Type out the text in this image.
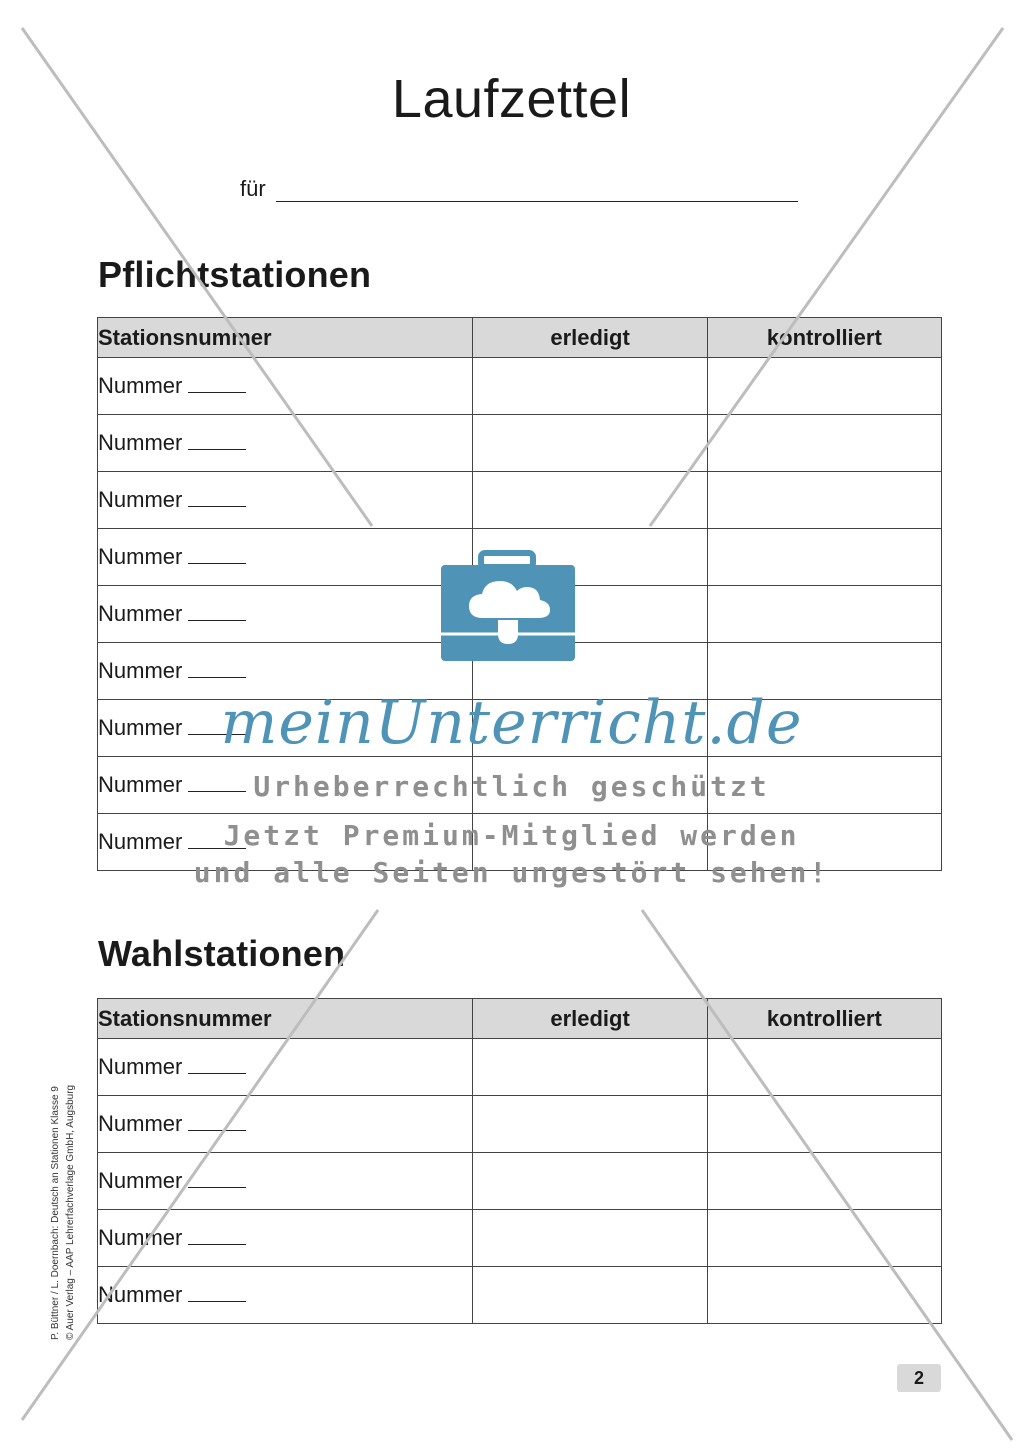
Laufzettel
für
Pflichtstationen
Stationsnummer	erledigt	kontrolliert
Nummer		
Nummer		
Nummer		
Nummer		
Nummer		
Nummer		
Nummer		
Nummer		
Nummer		
Wahlstationen
Stationsnummer	erledigt	kontrolliert
Nummer		
Nummer		
Nummer		
Nummer		
Nummer		
P. Büttner / L. Doernbach: Deutsch an Stationen Klasse 9 © Auer Verlag – AAP Lehrerfachverlage GmbH, Augsburg
2
meinUnterricht.de
Urheberrechtlich geschützt
Jetzt Premium-Mitglied werden
und alle Seiten ungestört sehen!
